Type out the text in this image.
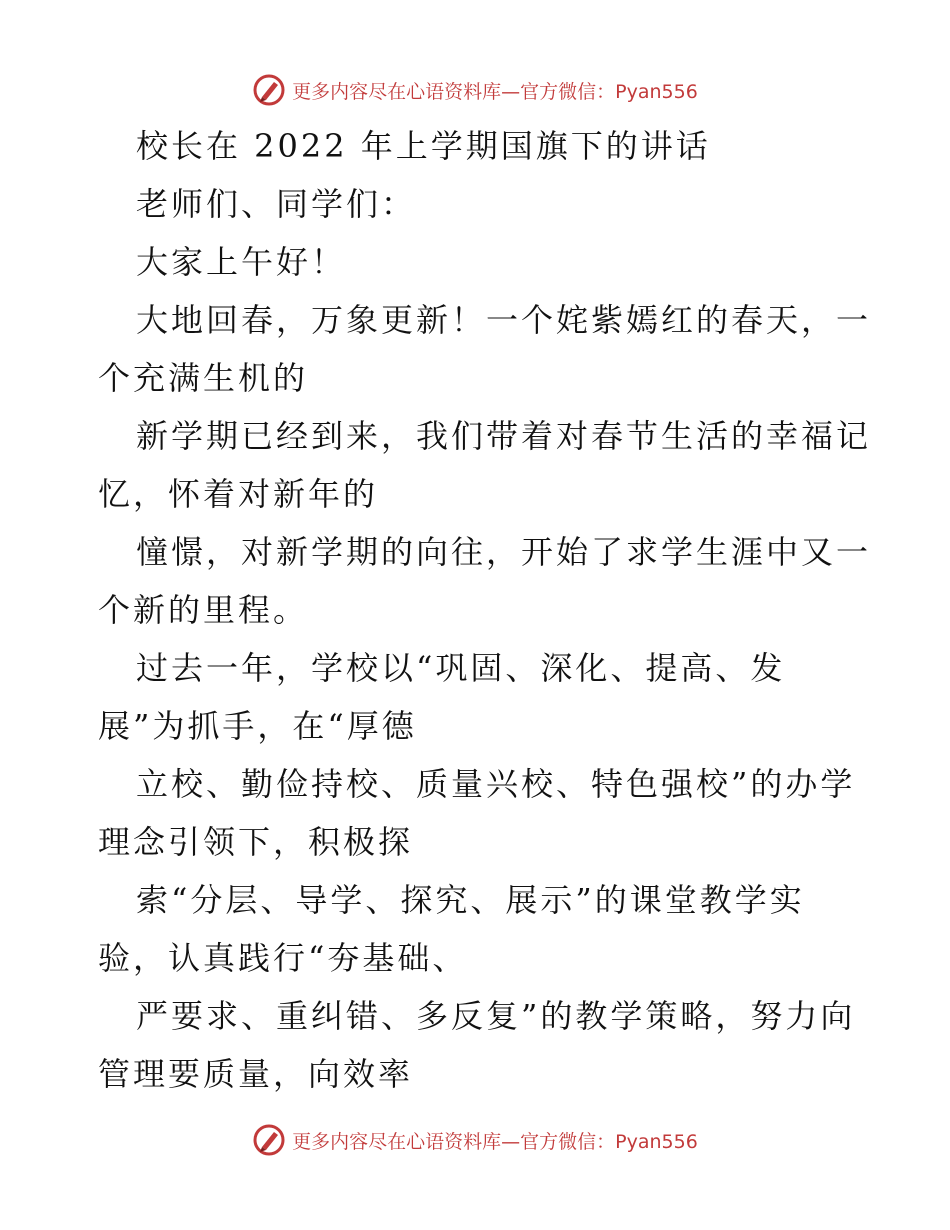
更多内容尽在心语资料库—官方微信：Pyan556
校长在 2022 年上学期国旗下的讲话
老师们、同学们：
大家上午好！
大地回春，万象更新！一个姹紫嫣红的春天，一
个充满生机的
新学期已经到来，我们带着对春节生活的幸福记
忆，怀着对新年的
憧憬，对新学期的向往，开始了求学生涯中又一
个新的里程。
过去一年，学校以“巩固、深化、提高、发
展”为抓手，在“厚德
立校、勤俭持校、质量兴校、特色强校”的办学
理念引领下，积极探
索“分层、导学、探究、展示”的课堂教学实
验，认真践行“夯基础、
严要求、重纠错、多反复”的教学策略，努力向
管理要质量，向效率
更多内容尽在心语资料库—官方微信：Pyan556
